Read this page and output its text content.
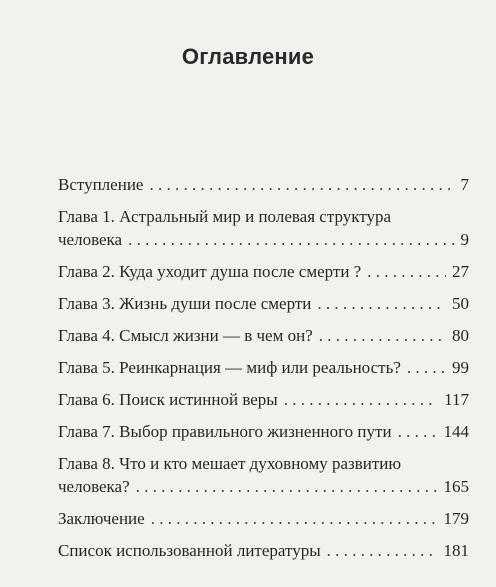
Оглавление
Вступление . . .	7
Глава 1. Астральный мир и полевая структура
человека . . .	9
Глава 2. Куда уходит душа после смерти ? . . .	27
Глава 3. Жизнь души после смерти . . .	50
Глава 4. Смысл жизни — в чем он? . . .	80
Глава 5. Реинкарнация — миф или реальность? . . .	99
Глава 6. Поиск истинной веры . . .	117
Глава 7. Выбор правильного жизненного пути . . .	144
Глава 8. Что и кто мешает духовному развитию
человека? . . .	165
Заключение . . .	179
Список использованной литературы . . .	181
